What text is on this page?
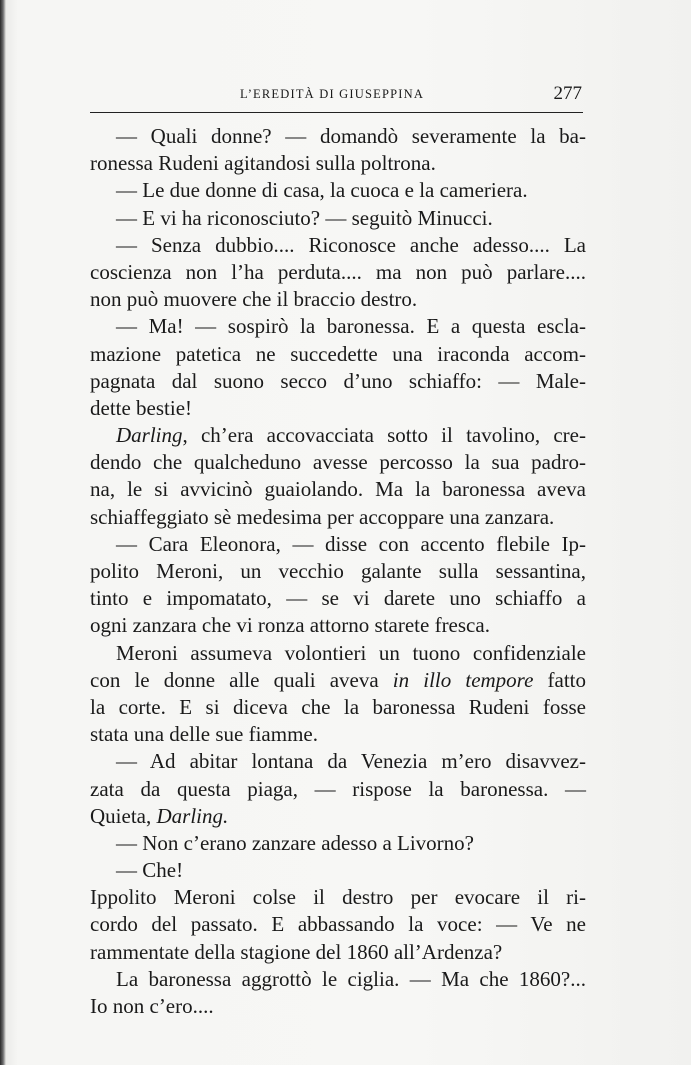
L’EREDITÀ DI GIUSEPPINA	277
— Quali donne? — domandò severamente la ba-
ronessa Rudeni agitandosi sulla poltrona.
— Le due donne di casa, la cuoca e la cameriera.
— E vi ha riconosciuto? — seguitò Minucci.
— Senza dubbio.... Riconosce anche adesso.... La
coscienza non l’ha perduta.... ma non può parlare....
non può muovere che il braccio destro.
— Ma! — sospirò la baronessa. E a questa escla-
mazione patetica ne succedette una iraconda accom-
pagnata dal suono secco d’uno schiaffo: — Male-
dette bestie!
Darling, ch’era accovacciata sotto il tavolino, cre-
dendo che qualcheduno avesse percosso la sua padro-
na, le si avvicinò guaiolando. Ma la baronessa aveva
schiaffeggiato sè medesima per accoppare una zanzara.
— Cara Eleonora, — disse con accento flebile Ip-
polito Meroni, un vecchio galante sulla sessantina,
tinto e impomatato, — se vi darete uno schiaffo a
ogni zanzara che vi ronza attorno starete fresca.
Meroni assumeva volontieri un tuono confidenziale
con le donne alle quali aveva in illo tempore fatto
la corte. E si diceva che la baronessa Rudeni fosse
stata una delle sue fiamme.
— Ad abitar lontana da Venezia m’ero disavvez-
zata da questa piaga, — rispose la baronessa. —
Quieta, Darling.
— Non c’erano zanzare adesso a Livorno?
— Che!
Ippolito Meroni colse il destro per evocare il ri-
cordo del passato. E abbassando la voce: — Ve ne
rammentate della stagione del 1860 all’Ardenza?
La baronessa aggrottò le ciglia. — Ma che 1860?...
Io non c’ero....
